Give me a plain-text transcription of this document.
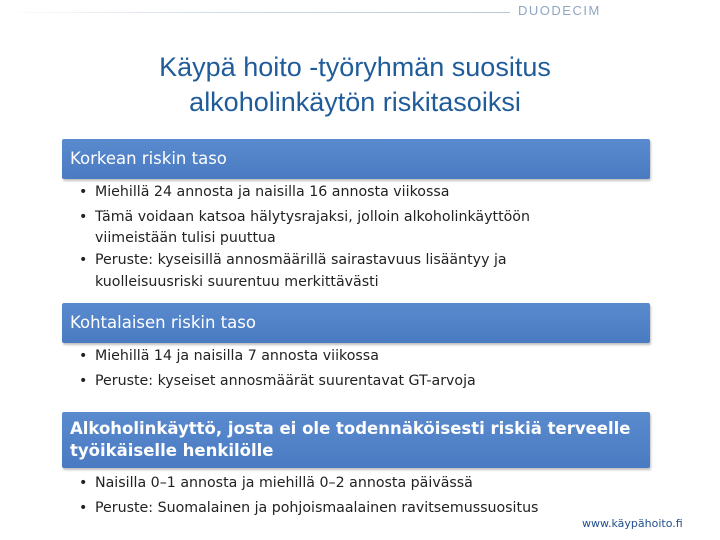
DUODECIM
Käypä hoito -työryhmän suositus
alkoholinkäytön riskitasoiksi
Korkean riskin taso
• Miehillä 24 annosta ja naisilla 16 annosta viikossa
• Tämä voidaan katsoa hälytysrajaksi, jolloin alkoholinkäyttöön
viimeistään tulisi puuttua
• Peruste: kyseisillä annosmäärillä sairastavuus lisääntyy ja
kuolleisuusriski suurentuu merkittävästi
Kohtalaisen riskin taso
• Miehillä 14 ja naisilla 7 annosta viikossa
• Peruste: kyseiset annosmäärät suurentavat GT-arvoja
Alkoholinkäyttö, josta ei ole todennäköisesti riskiä terveelle
työikäiselle henkilölle
• Naisilla 0–1 annosta ja miehillä 0–2 annosta päivässä
• Peruste: Suomalainen ja pohjoismaalainen ravitsemussuositus
www.käypähoito.fi
